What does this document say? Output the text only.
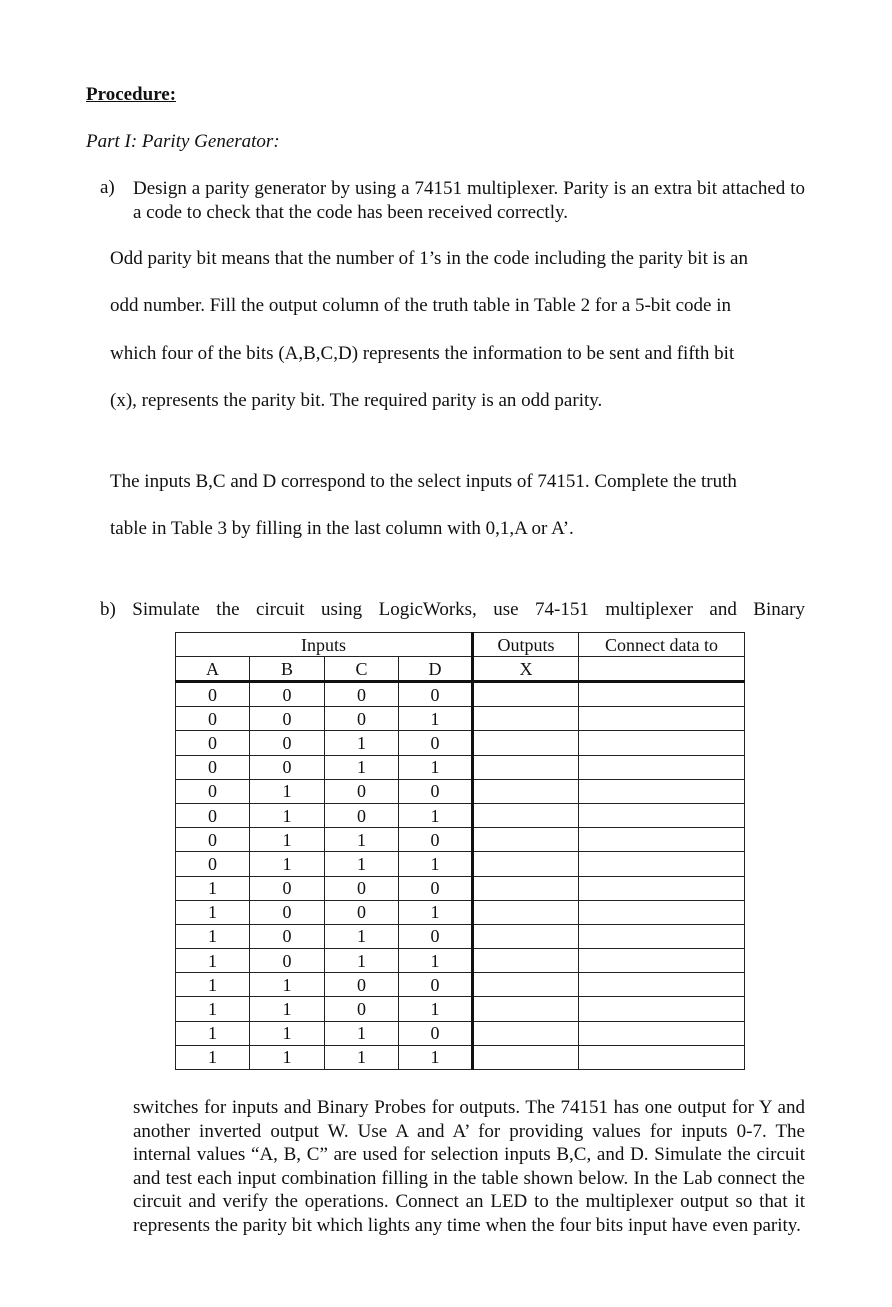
Procedure:
Part I: Parity Generator:
a) Design a parity generator by using a 74151 multiplexer. Parity is an extra bit attached to a code to check that the code has been received correctly.
Odd parity bit means that the number of 1’s in the code including the parity bit is an
odd number. Fill the output column of the truth table in Table 2 for a 5-bit code in
which four of the bits (A,B,C,D) represents the information to be sent and fifth bit
(x), represents the parity bit. The required parity is an odd parity.
The inputs B,C and D correspond to the select inputs of 74151. Complete the truth
table in Table 3 by filling in the last column with 0,1,A or A’.
b) Simulate the circuit using LogicWorks, use 74-151 multiplexer and Binary
Inputs				Outputs	Connect data to
A	B	C	D	X	
0	0	0	0		
0	0	0	1		
0	0	1	0		
0	0	1	1		
0	1	0	0		
0	1	0	1		
0	1	1	0		
0	1	1	1		
1	0	0	0		
1	0	0	1		
1	0	1	0		
1	0	1	1		
1	1	0	0		
1	1	0	1		
1	1	1	0		
1	1	1	1		
switches for inputs and Binary Probes for outputs. The 74151 has one output for Y and another inverted output W. Use A and A’ for providing values for inputs 0-7. The internal values “A, B, C” are used for selection inputs B,C, and D. Simulate the circuit and test each input combination filling in the table shown below. In the Lab connect the circuit and verify the operations. Connect an LED to the multiplexer output so that it represents the parity bit which lights any time when the four bits input have even parity.
